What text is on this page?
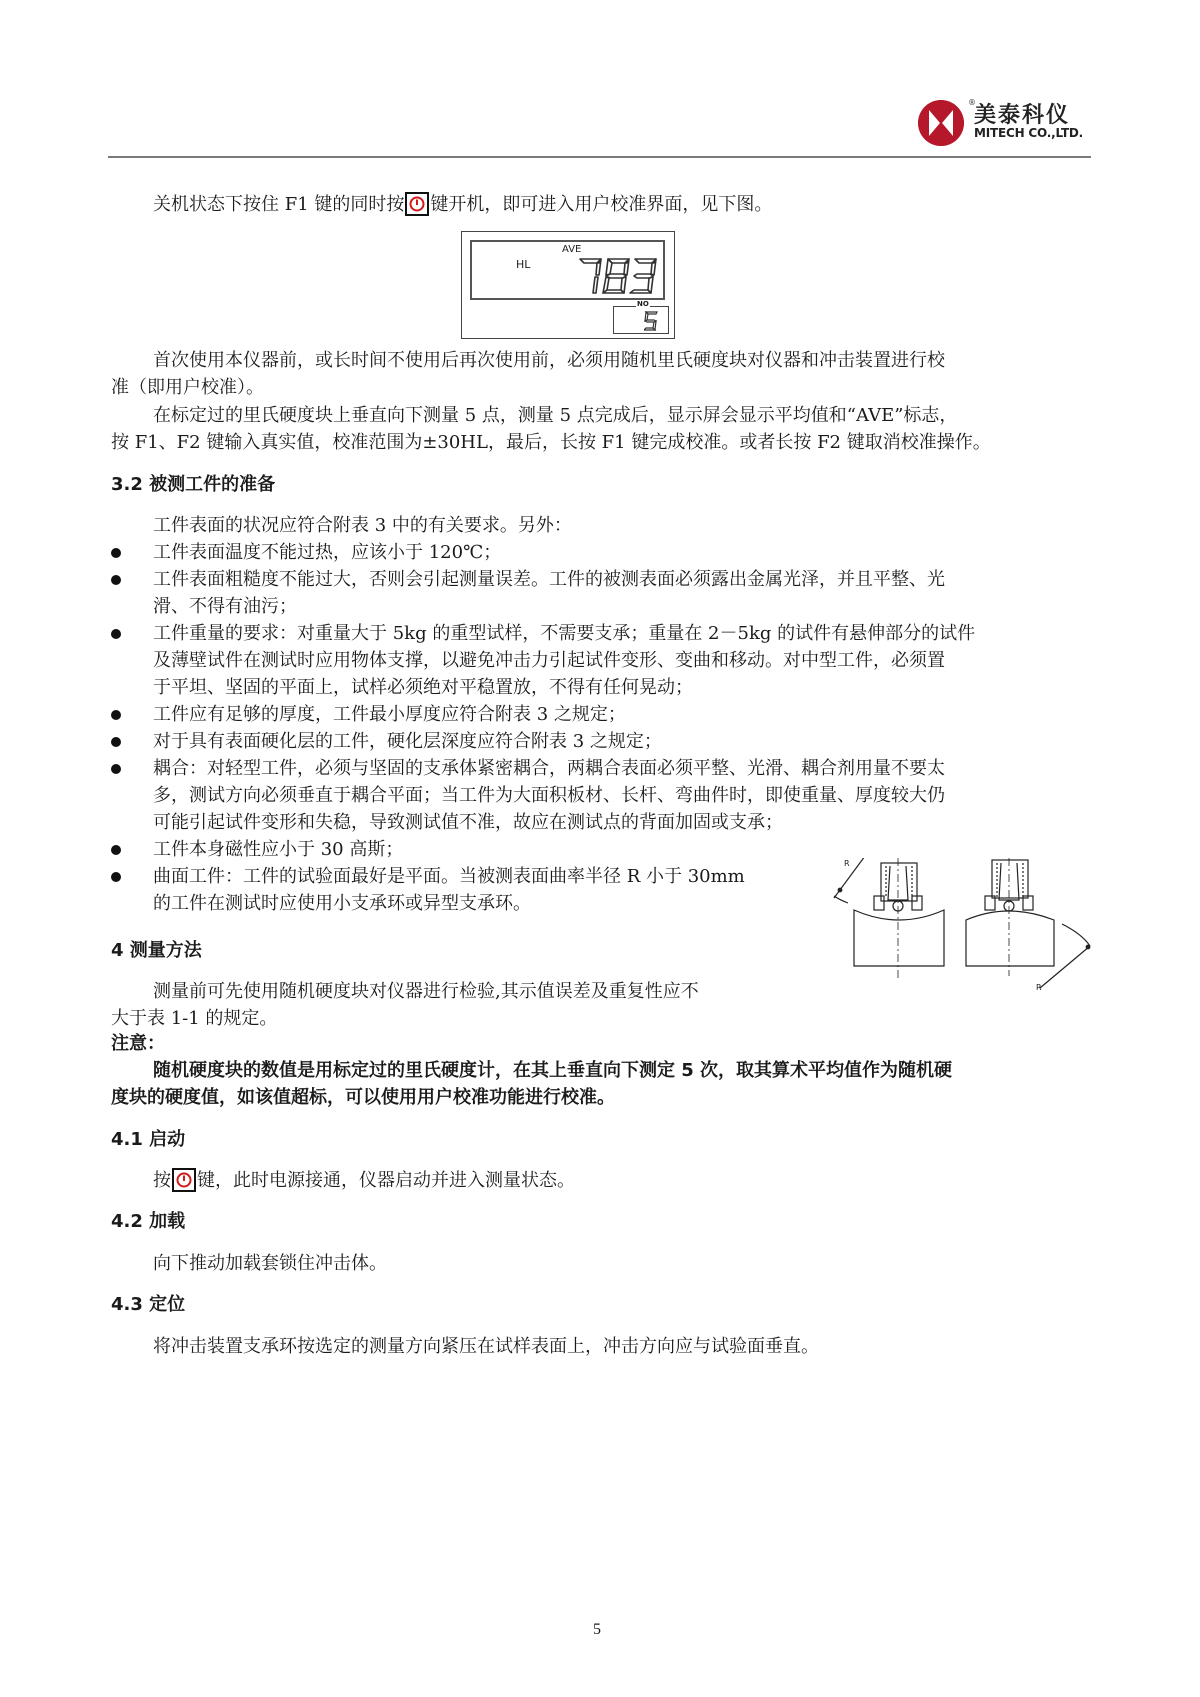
®
美泰科仪
MITECH CO.,LTD.
关机状态下按住 F1 键的同时按 键开机，即可进入用户校准界面，见下图。
AVE
HL
NO
首次使用本仪器前，或长时间不使用后再次使用前，必须用随机里氏硬度块对仪器和冲击装置进行校
准（即用户校准）。
在标定过的里氏硬度块上垂直向下测量 5 点，测量 5 点完成后，显示屏会显示平均值和“AVE”标志，
按 F1、F2 键输入真实值，校准范围为±30HL，最后，长按 F1 键完成校准。或者长按 F2 键取消校准操作。
3.2 被测工件的准备
工件表面的状况应符合附表 3 中的有关要求。另外：
工件表面温度不能过热，应该小于 120℃；
工件表面粗糙度不能过大，否则会引起测量误差。工件的被测表面必须露出金属光泽，并且平整、光
滑、不得有油污；
工件重量的要求：对重量大于 5kg 的重型试样，不需要支承；重量在 2－5kg 的试件有悬伸部分的试件
及薄壁试件在测试时应用物体支撑，以避免冲击力引起试件变形、变曲和移动。对中型工件，必须置
于平坦、坚固的平面上，试样必须绝对平稳置放，不得有任何晃动；
工件应有足够的厚度，工件最小厚度应符合附表 3 之规定；
对于具有表面硬化层的工件，硬化层深度应符合附表 3 之规定；
耦合：对轻型工件，必须与坚固的支承体紧密耦合，两耦合表面必须平整、光滑、耦合剂用量不要太
多，测试方向必须垂直于耦合平面；当工件为大面积板材、长杆、弯曲件时，即使重量、厚度较大仍
可能引起试件变形和失稳，导致测试值不准，故应在测试点的背面加固或支承；
工件本身磁性应小于 30 高斯；
曲面工件：工件的试验面最好是平面。当被测表面曲率半径 R 小于 30mm
的工件在测试时应使用小支承环或异型支承环。
R
R
4 测量方法
测量前可先使用随机硬度块对仪器进行检验,其示值误差及重复性应不
大于表 1-1 的规定。
注意：
随机硬度块的数值是用标定过的里氏硬度计，在其上垂直向下测定 5 次，取其算术平均值作为随机硬
度块的硬度值，如该值超标，可以使用用户校准功能进行校准。
4.1 启动
按 键，此时电源接通，仪器启动并进入测量状态。
4.2 加载
向下推动加载套锁住冲击体。
4.3 定位
将冲击装置支承环按选定的测量方向紧压在试样表面上，冲击方向应与试验面垂直。
5
